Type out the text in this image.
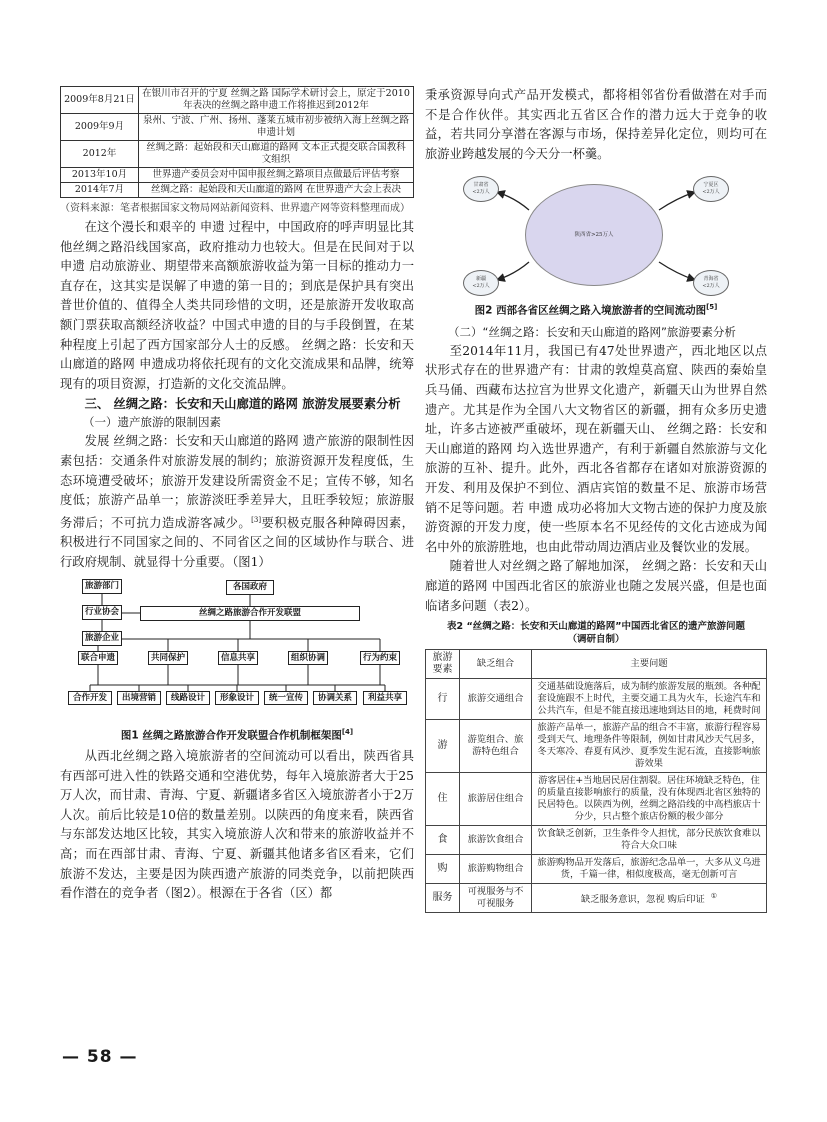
2009年8月21日	在银川市召开的宁夏 丝绸之路 国际学术研讨会上，原定于2010年表决的丝绸之路申遗工作将推迟到2012年
2009年9月	泉州、宁波、广州、扬州、蓬莱五城市初步被纳入海上丝绸之路申遗计划
2012年	丝绸之路：起始段和天山廊道的路网 文本正式提交联合国教科文组织
2013年10月	世界遗产委员会对中国申报丝绸之路项目点做最后评估考察
2014年7月	丝绸之路：起始段和天山廊道的路网 在世界遗产大会上表决
（资料来源：笔者根据国家文物局网站新闻资料、世界遗产网等资料整理而成）

在这个漫长和艰辛的 申遗 过程中，中国政府的呼声明显比其他丝绸之路沿线国家高，政府推动力也较大。但是在民间对于以 申遗 启动旅游业、期望带来高额旅游收益为第一目标的推动力一直存在，这其实是误解了申遗的第一目的；到底是保护具有突出普世价值的、值得全人类共同珍惜的文明，还是旅游开发收取高额门票获取高额经济收益？中国式申遗的目的与手段倒置，在某种程度上引起了西方国家部分人士的反感。 丝绸之路：长安和天山廊道的路网 申遗成功将依托现有的文化交流成果和品牌，统筹现有的项目资源，打造新的文化交流品牌。

三、 丝绸之路：长安和天山廊道的路网 旅游发展要素分析
（一）遗产旅游的限制因素

发展 丝绸之路：长安和天山廊道的路网 遗产旅游的限制性因素包括：交通条件对旅游发展的制约；旅游资源开发程度低，生态环境遭受破坏；旅游开发建设所需资金不足；宣传不够，知名度低；旅游产品单一；旅游淡旺季差异大，且旺季较短；旅游服务滞后；不可抗力造成游客减少。[3]要积极克服各种障碍因素，积极进行不同国家之间的、不同省区之间的区域协作与联合、进行政府规制、就显得十分重要。（图1）

旅游部门
行业协会
旅游企业
各国政府
丝绸之路旅游合作开发联盟
联合申遗	共同保护	信息共享	组织协调	行为约束
合作开发	出境营销	线路设计	形象设计	统一宣传	协调关系	利益共享
图1 丝绸之路旅游合作开发联盟合作机制框架图[4]

从西北丝绸之路入境旅游者的空间流动可以看出，陕西省具有西部可进入性的铁路交通和空港优势，每年入境旅游者大于25万人次，而甘肃、青海、宁夏、新疆诸多省区入境旅游者小于2万人次。前后比较是10倍的数量差别。以陕西的角度来看，陕西省与东部发达地区比较，其实入境旅游人次和带来的旅游收益并不高；而在西部甘肃、青海、宁夏、新疆其他诸多省区看来，它们旅游不发达，主要是因为陕西遗产旅游的同类竞争，以前把陕西看作潜在的竞争者（图2）。根源在于各省（区）都

秉承资源导向式产品开发模式，都将相邻省份看做潜在对手而不是合作伙伴。其实西北五省区合作的潜力远大于竞争的收益，若共同分享潜在客源与市场，保持差异化定位，则均可在旅游业跨越发展的今天分一杯羹。

陕西省>25万人
甘肃省
<2万人
宁夏区
<2万人
新疆
<2万人
青海省
<2万人
图2 西部各省区丝绸之路入境旅游者的空间流动图[5]
（二）“丝绸之路：长安和天山廊道的路网”旅游要素分析

至2014年11月，我国已有47处世界遗产，西北地区以点状形式存在的世界遗产有：甘肃的敦煌莫高窟、陕西的秦始皇兵马俑、西藏布达拉宫为世界文化遗产，新疆天山为世界自然遗产。尤其是作为全国八大文物省区的新疆，拥有众多历史遗址，许多古迹被严重破坏，现在新疆天山、 丝绸之路：长安和天山廊道的路网 均入选世界遗产，有利于新疆自然旅游与文化旅游的互补、提升。此外，西北各省都存在诸如对旅游资源的开发、利用及保护不到位、酒店宾馆的数量不足、旅游市场营销不足等问题。若 申遗 成功必将加大文物古迹的保护力度及旅游资源的开发力度，使一些原本名不见经传的文化古迹成为闻名中外的旅游胜地，也由此带动周边酒店业及餐饮业的发展。

随着世人对丝绸之路了解地加深， 丝绸之路：长安和天山廊道的路网 中国西北省区的旅游业也随之发展兴盛，但是也面临诸多问题（表2）。

表2 “丝绸之路：长安和天山廊道的路网”中国西北省区的遗产旅游问题
（调研自制）
旅游要素	缺乏组合	主要问题
行	旅游交通组合	交通基础设施落后，成为制约旅游发展的瓶颈。各种配套设施跟不上时代，主要交通工具为火车，长途汽车和公共汽车，但是不能直接迅速地到达目的地，耗费时间
游	游览组合、旅游特色组合	旅游产品单一，旅游产品的组合不丰富，旅游行程容易受到天气、地理条件等限制，例如甘肃风沙天气居多，冬天寒冷、春夏有风沙、夏季发生泥石流，直接影响旅游效果
住	旅游居住组合	游客居住+当地居民居住割裂。居住环境缺乏特色，住的质量直接影响旅行的质量，没有体现西北省区独特的民居特色。以陕西为例，丝绸之路沿线的中高档旅店十分少，只占整个旅店份额的极少部分
食	旅游饮食组合	饮食缺乏创新，卫生条件令人担忧，部分民族饮食难以符合大众口味
购	旅游购物组合	旅游购物品开发落后，旅游纪念品单一，大多从义乌进货，千篇一律，相似度极高，毫无创新可言
服务	可视服务与不可视服务	缺乏服务意识，忽视 购后印证 ①
— 58 —
